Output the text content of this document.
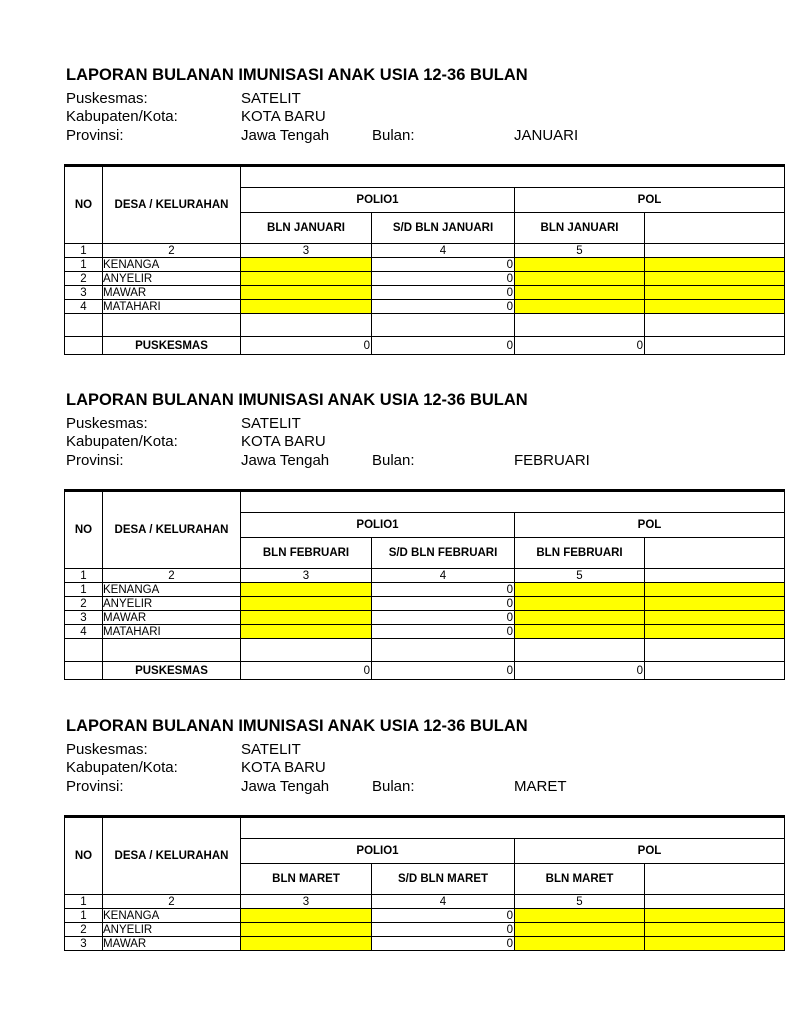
LAPORAN BULANAN IMUNISASI ANAK USIA 12-36 BULAN
Puskesmas:	SATELIT
Kabupaten/Kota:	KOTA BARU
Provinsi:	Jawa Tengah	Bulan:	JANUARI
NO	DESA / KELURAHAN				
		POLIO1		POL	
		BLN JANUARI	S/D BLN JANUARI	BLN JANUARI	
1	2	3	4	5	
1	KENANGA		0		
2	ANYELIR		0		
3	MAWAR		0		
4	MATAHARI		0		

	PUSKESMAS	0	0	0	
LAPORAN BULANAN IMUNISASI ANAK USIA 12-36 BULAN
Puskesmas:	SATELIT
Kabupaten/Kota:	KOTA BARU
Provinsi:	Jawa Tengah	Bulan:	FEBRUARI
NO	DESA / KELURAHAN				
		POLIO1		POL	
		BLN FEBRUARI	S/D BLN FEBRUARI	BLN FEBRUARI	
1	2	3	4	5	
1	KENANGA		0		
2	ANYELIR		0		
3	MAWAR		0		
4	MATAHARI		0		

	PUSKESMAS	0	0	0	
LAPORAN BULANAN IMUNISASI ANAK USIA 12-36 BULAN
Puskesmas:	SATELIT
Kabupaten/Kota:	KOTA BARU
Provinsi:	Jawa Tengah	Bulan:	MARET
NO	DESA / KELURAHAN				
		POLIO1		POL	
		BLN MARET	S/D BLN MARET	BLN MARET	
1	2	3	4	5	
1	KENANGA		0		
2	ANYELIR		0		
3	MAWAR		0		
